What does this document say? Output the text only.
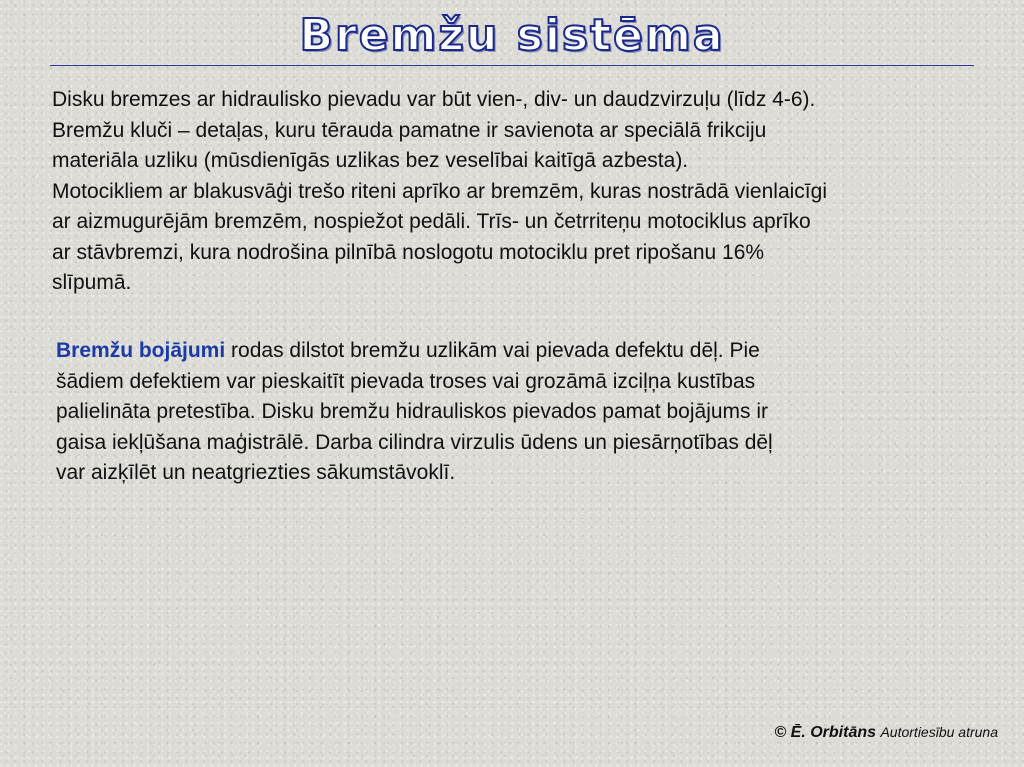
Bremžu sistēma
Disku bremzes ar hidraulisko pievadu var būt vien-, div- un daudzvirzuļu (līdz 4-6).
Bremžu kluči – detaļas, kuru tērauda pamatne ir savienota ar speciālā frikciju
materiāla uzliku (mūsdienīgās uzlikas bez veselībai kaitīgā azbesta).
Motocikliem ar blakusvāģi trešo riteni aprīko ar bremzēm, kuras nostrādā vienlaicīgi
ar aizmugurējām bremzēm, nospiežot pedāli. Trīs- un četrriteņu motociklus aprīko
ar stāvbremzi, kura nodrošina pilnībā noslogotu motociklu pret ripošanu 16%
slīpumā.
Bremžu bojājumi rodas dilstot bremžu uzlikām vai pievada defektu dēļ. Pie
šādiem defektiem var pieskaitīt pievada troses vai grozāmā izciļņa kustības
palielināta pretestība. Disku bremžu hidrauliskos pievados pamat bojājums ir
gaisa iekļūšana maģistrālē. Darba cilindra virzulis ūdens un piesārņotības dēļ
var aizķīlēt un neatgriezties sākumstāvoklī.
© Ē. Orbitāns Autortiesību atruna
